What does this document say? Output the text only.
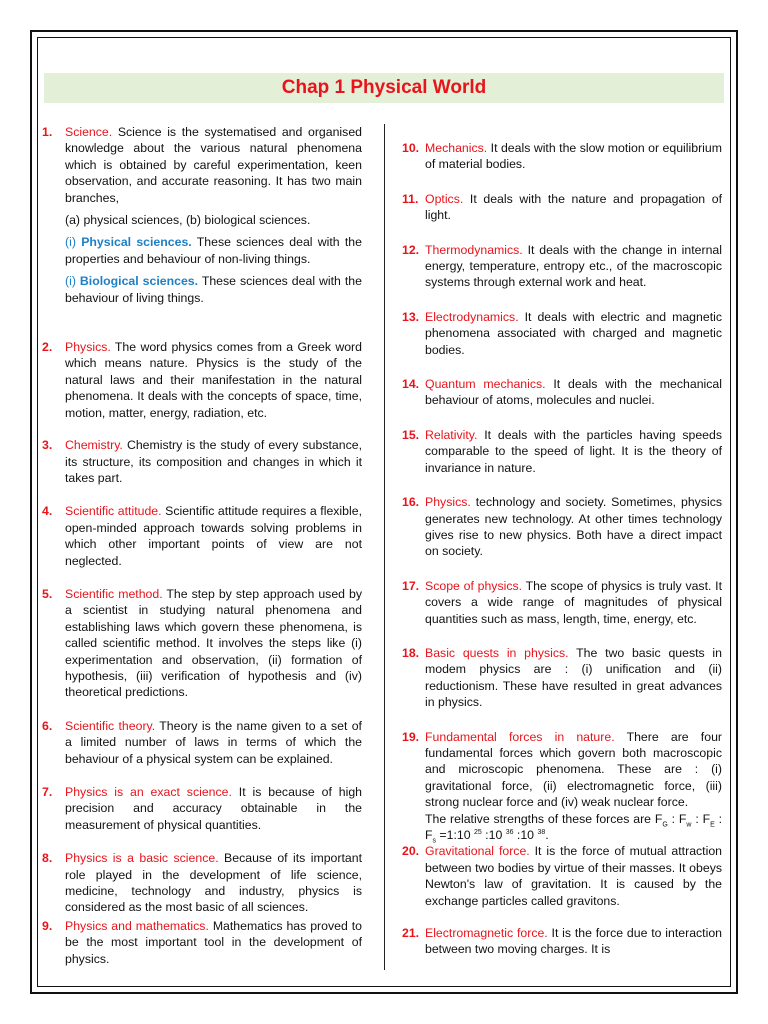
Chap 1 Physical World
1. Science. Science is the systematised and organised knowledge about the various natural phenomena which is obtained by careful experimentation, keen observation, and accurate reasoning. It has two main branches,
(a) physical sciences, (b) biological sciences.
(i) Physical sciences. These sciences deal with the properties and behaviour of non-living things.
(i) Biological sciences. These sciences deal with the behaviour of living things.
2. Physics. The word physics comes from a Greek word which means nature. Physics is the study of the natural laws and their manifestation in the natural phenomena. It deals with the concepts of space, time, motion, matter, energy, radiation, etc.
3. Chemistry. Chemistry is the study of every substance, its structure, its composition and changes in which it takes part.
4. Scientific attitude. Scientific attitude requires a flexible, open-minded approach towards solving problems in which other important points of view are not neglected.
5. Scientific method. The step by step approach used by a scientist in studying natural phenomena and establishing laws which govern these phenomena, is called scientific method. It involves the steps like (i) experimentation and observation, (ii) formation of hypothesis, (iii) verification of hypothesis and (iv) theoretical predictions.
6. Scientific theory. Theory is the name given to a set of a limited number of laws in terms of which the behaviour of a physical system can be explained.
7. Physics is an exact science. It is because of high precision and accuracy obtainable in the measurement of physical quantities.
8. Physics is a basic science. Because of its important role played in the development of life science, medicine, technology and industry, physics is considered as the most basic of all sciences.
9. Physics and mathematics. Mathematics has proved to be the most important tool in the development of physics.
10. Mechanics. It deals with the slow motion or equilibrium of material bodies.
11. Optics. It deals with the nature and propagation of light.
12. Thermodynamics. It deals with the change in internal energy, temperature, entropy etc., of the macroscopic systems through external work and heat.
13. Electrodynamics. It deals with electric and magnetic phenomena associated with charged and magnetic bodies.
14. Quantum mechanics. It deals with the mechanical behaviour of atoms, molecules and nuclei.
15. Relativity. It deals with the particles having speeds comparable to the speed of light. It is the theory of invariance in nature.
16. Physics. technology and society. Sometimes, physics generates new technology. At other times technology gives rise to new physics. Both have a direct impact on society.
17. Scope of physics. The scope of physics is truly vast. It covers a wide range of magnitudes of physical quantities such as mass, length, time, energy, etc.
18. Basic quests in physics. The two basic quests in modem physics are : (i) unification and (ii) reductionism. These have resulted in great advances in physics.
19. Fundamental forces in nature. There are four fundamental forces which govern both macroscopic and microscopic phenomena. These are : (i) gravitational force, (ii) electromagnetic force, (iii) strong nuclear force and (iv) weak nuclear force.
The relative strengths of these forces are $F_G$ : $F_w$ : $F_E$ : $F_s$ =1:10 $^{25}$ :10 $^{36}$ :10 $^{38}$.
20. Gravitational force. It is the force of mutual attraction between two bodies by virtue of their masses. It obeys Newton's law of gravitation. It is caused by the exchange particles called gravitons.
21. Electromagnetic force. It is the force due to interaction between two moving charges. It is
